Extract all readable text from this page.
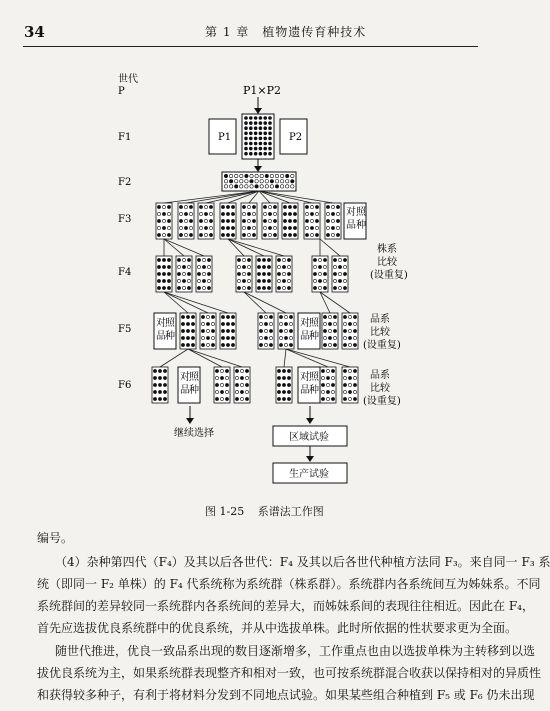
34	第 1 章　植物遗传育种技术
世代
P
F1
F2
F3
F4
F5
F6
P1×P2
P1	P2
对 照
品 种
株系
比较
(设重复)
对 照
品 种
对 照
品 种
品系
比较
(设重复)
对 照
品 种
对 照
品 种
品系
比较
(设重复)
继续选择	区域试验
生产试验
图 1-25 系谱法工作图
编号。
（4）杂种第四代（F₄）及其以后各世代：F₄ 及其以后各世代种植方法同 F₃。来自同一 F₃ 系
统（即同一 F₂ 单株）的 F₄ 代系统称为系统群（株系群）。系统群内各系统间互为姊妹系。不同
系统群间的差异较同一系统群内各系统间的差异大，而姊妹系间的表现往往相近。因此在 F₄，
首先应选拔优良系统群中的优良系统，并从中选拔单株。此时所依据的性状要求更为全面。
随世代推进，优良一致品系出现的数目逐渐增多，工作重点也由以选拔单株为主转移到以选
拔优良系统为主，如果系统群表现整齐和相对一致，也可按系统群混合收获以保持相对的异质性
和获得较多种子，有利于将材料分发到不同地点试验。如果某些组合种植到 F₅ 或 F₆ 仍未出现
